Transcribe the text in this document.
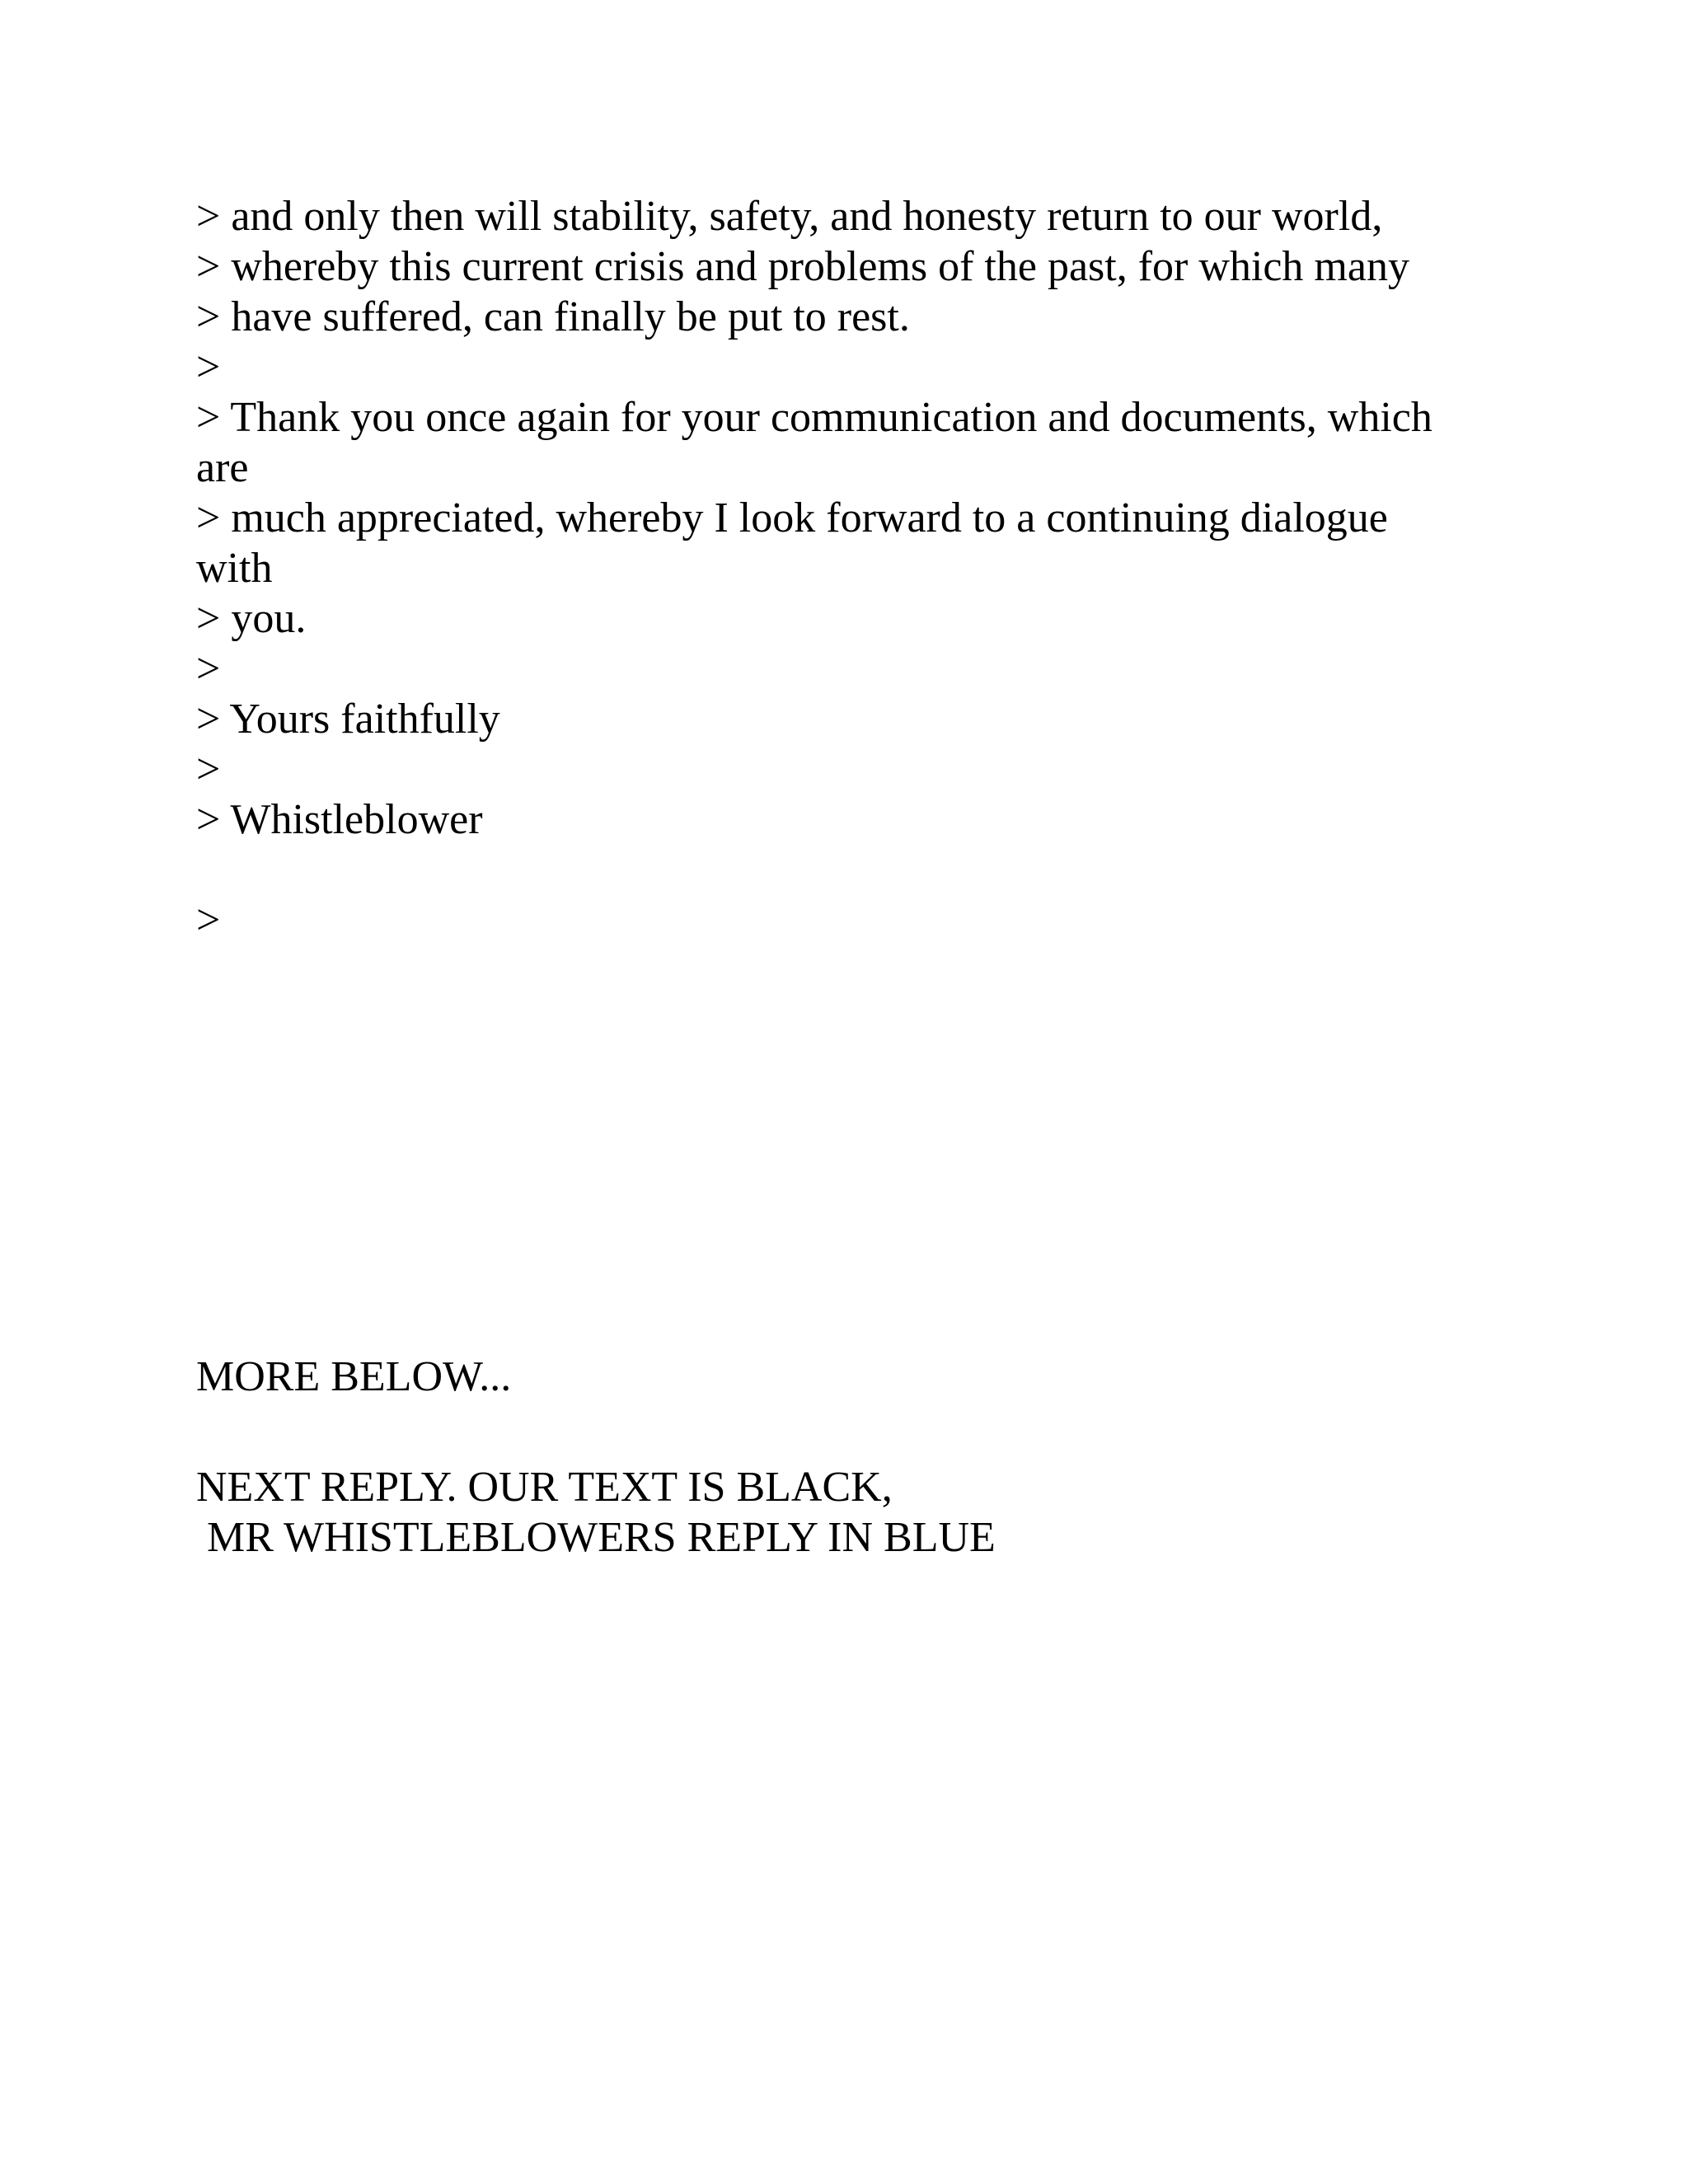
> and only then will stability, safety, and honesty return to our world,
> whereby this current crisis and problems of the past, for which many
> have suffered, can finally be put to rest.
>
> Thank you once again for your communication and documents, which
are
> much appreciated, whereby I look forward to a continuing dialogue
with
> you.
>
> Yours faithfully
>
> Whistleblower
>
MORE BELOW...
NEXT REPLY. OUR TEXT IS BLACK,
MR WHISTLEBLOWERS REPLY IN BLUE
